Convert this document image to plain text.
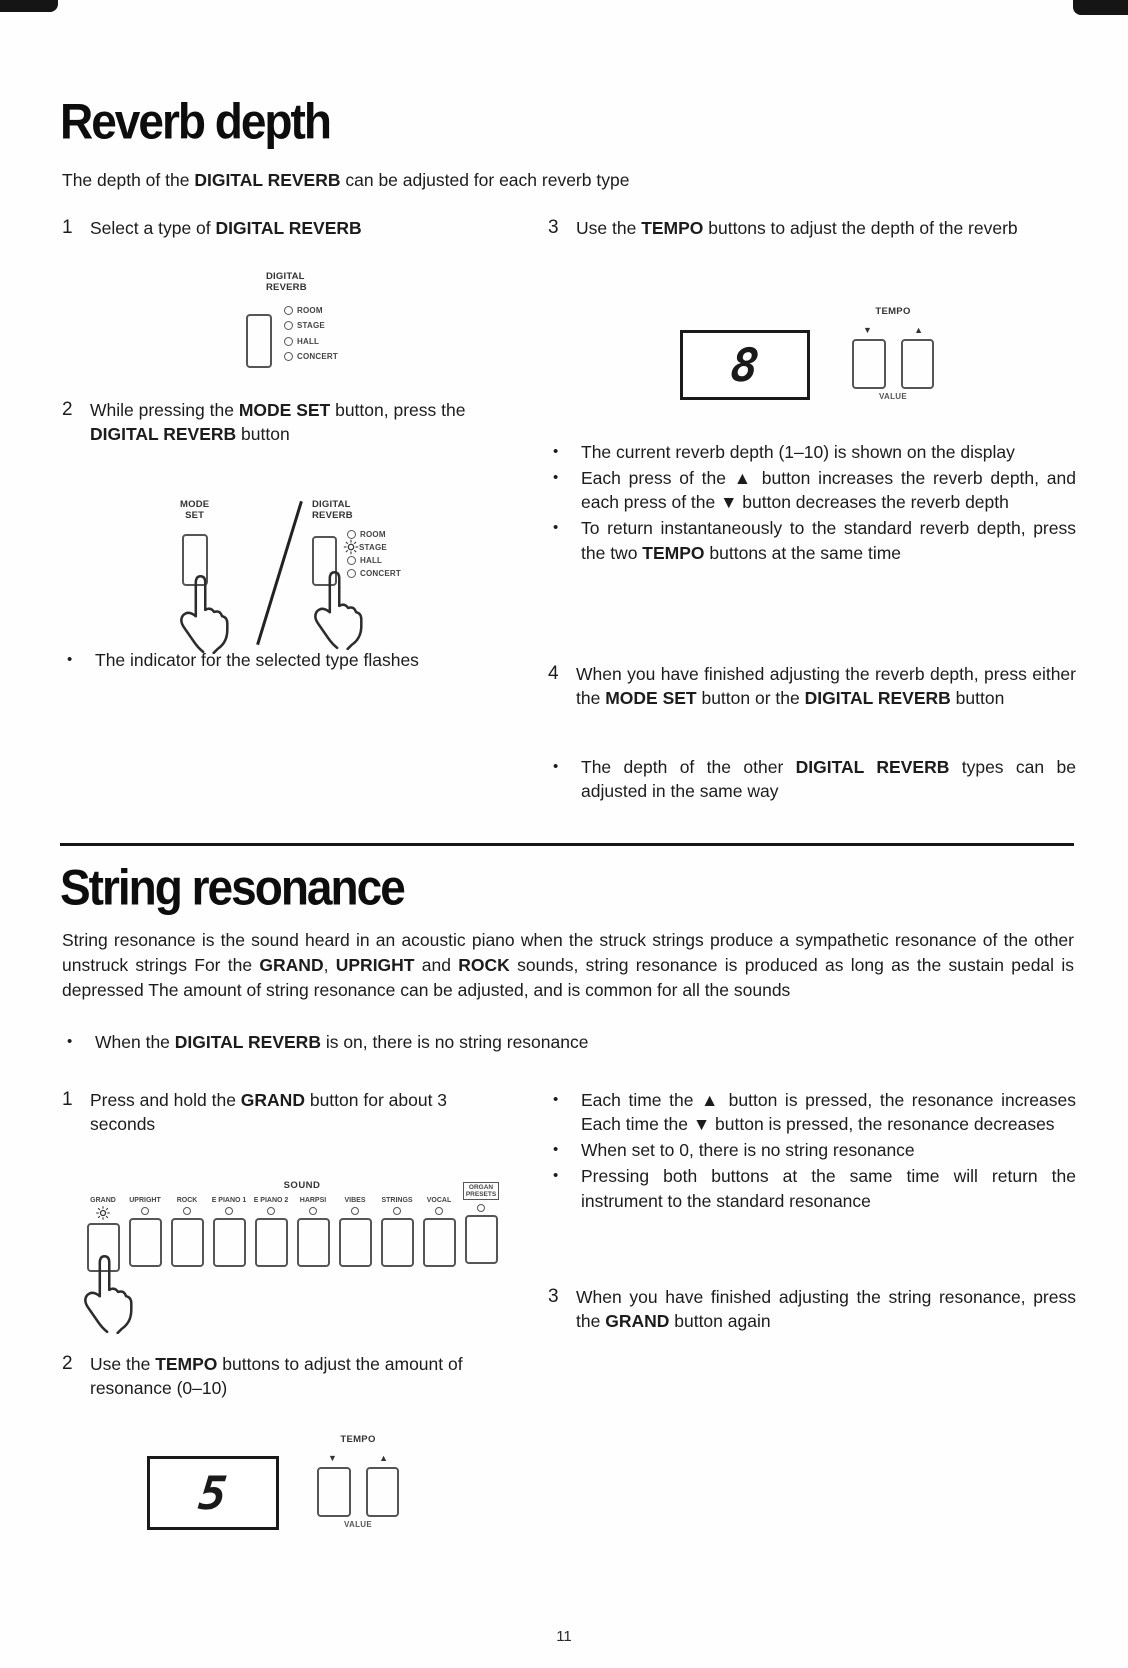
Reverb depth
The depth of the DIGITAL REVERB can be adjusted for each reverb type
1 Select a type of DIGITAL REVERB
DIGITAL
REVERB
ROOM
STAGE
HALL
CONCERT
2 While pressing the MODE SET button, press the DIGITAL REVERB button
MODE
SET
DIGITAL
REVERB
ROOM
STAGE
HALL
CONCERT
•	The indicator for the selected type flashes
3 Use the TEMPO buttons to adjust the depth of the reverb
8
TEMPO
▼	▲
VALUE
•	The current reverb depth (1–10) is shown on the display
•	Each press of the ▲ button increases the reverb depth, and each press of the ▼ button decreases the reverb depth
•	To return instantaneously to the standard reverb depth, press the two TEMPO buttons at the same time
4 When you have finished adjusting the reverb depth, press either the MODE SET button or the DIGITAL REVERB button
•	The depth of the other DIGITAL REVERB types can be adjusted in the same way
String resonance
String resonance is the sound heard in an acoustic piano when the struck strings produce a sympathetic resonance of the other unstruck strings For the GRAND, UPRIGHT and ROCK sounds, string resonance is produced as long as the sustain pedal is depressed The amount of string resonance can be adjusted, and is common for all the sounds
•	When the DIGITAL REVERB is on, there is no string resonance
1 Press and hold the GRAND button for about 3 seconds
SOUND
GRAND UPRIGHT ROCK E PIANO 1 E PIANO 2 HARPSI	VIBES STRINGS VOCAL
ORGAN
PRESETS
2 Use the TEMPO buttons to adjust the amount of resonance (0–10)
5
TEMPO
▼	▲
VALUE
•	Each time the ▲ button is pressed, the resonance increases Each time the ▼ button is pressed, the resonance decreases
•	When set to 0, there is no string resonance
•	Pressing both buttons at the same time will return the instrument to the standard resonance
3 When you have finished adjusting the string resonance, press the GRAND button again
11
